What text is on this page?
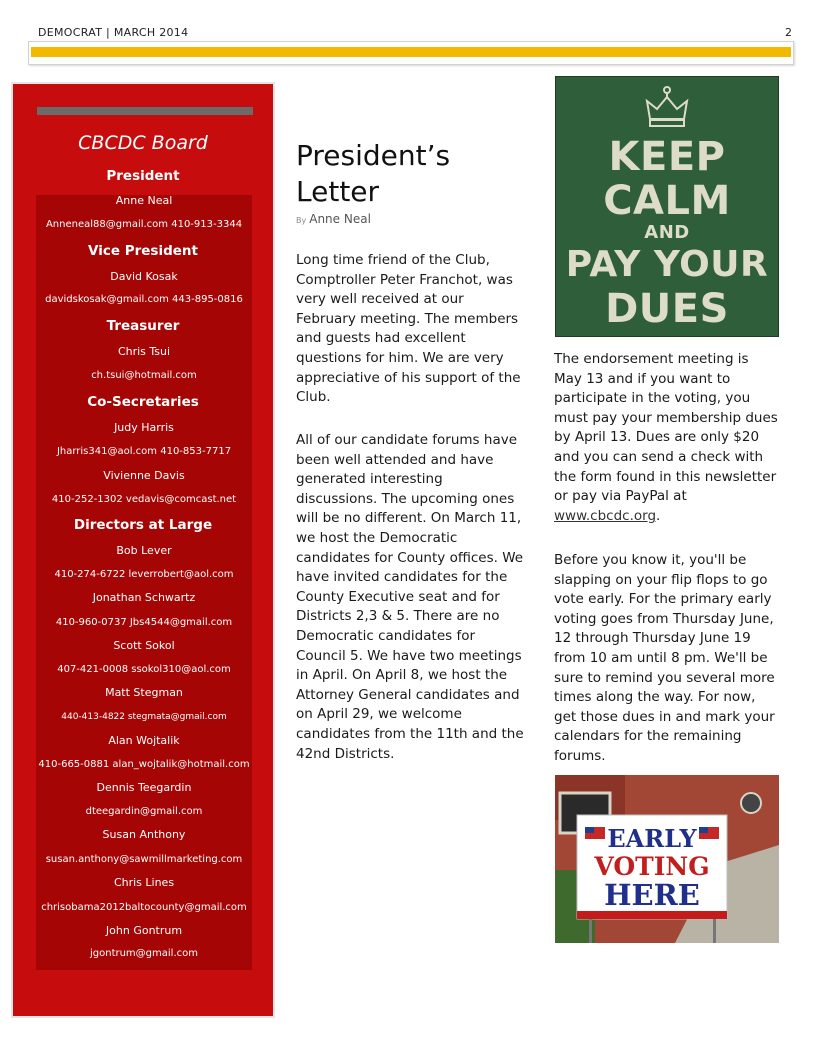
DEMOCRAT | MARCH 2014	2
CBCDC Board
President
Anne Neal
Anneneal88@gmail.com 410-913-3344
Vice President
David Kosak
davidskosak@gmail.com 443-895-0816
Treasurer
Chris Tsui
ch.tsui@hotmail.com
Co-Secretaries
Judy Harris
Jharris341@aol.com 410-853-7717
Vivienne Davis
410-252-1302 vedavis@comcast.net
Directors at Large
Bob Lever
410-274-6722 leverrobert@aol.com
Jonathan Schwartz
410-960-0737 Jbs4544@gmail.com
Scott Sokol
407-421-0008 ssokol310@aol.com
Matt Stegman
440-413-4822 stegmata@gmail.com
Alan Wojtalik
410-665-0881 alan_wojtalik@hotmail.com
Dennis Teegardin
dteegardin@gmail.com
Susan Anthony
susan.anthony@sawmillmarketing.com
Chris Lines
chrisobama2012baltocounty@gmail.com
John Gontrum
jgontrum@gmail.com
President’s
Letter
By Anne Neal

Long time friend of the Club, Comptroller Peter Franchot, was very well received at our February meeting. The members and guests had excellent questions for him. We are very appreciative of his support of the Club.

All of our candidate forums have been well attended and have generated interesting discussions. The upcoming ones will be no different. On March 11, we host the Democratic candidates for County offices. We have invited candidates for the County Executive seat and for Districts 2,3 & 5. There are no Democratic candidates for Council 5. We have two meetings in April. On April 8, we host the Attorney General candidates and on April 29, we welcome candidates from the 11th and the 42nd Districts.

KEEP
CALM
AND
PAY YOUR
DUES

The endorsement meeting is May 13 and if you want to participate in the voting, you must pay your membership dues by April 13. Dues are only $20 and you can send a check with the form found in this newsletter or pay via PayPal at www.cbcdc.org.

Before you know it, you'll be slapping on your flip flops to go vote early. For the primary early voting goes from Thursday June, 12 through Thursday June 19 from 10 am until 8 pm. We'll be sure to remind you several more times along the way. For now, get those dues in and mark your calendars for the remaining forums.

EARLY
VOTING
HERE
